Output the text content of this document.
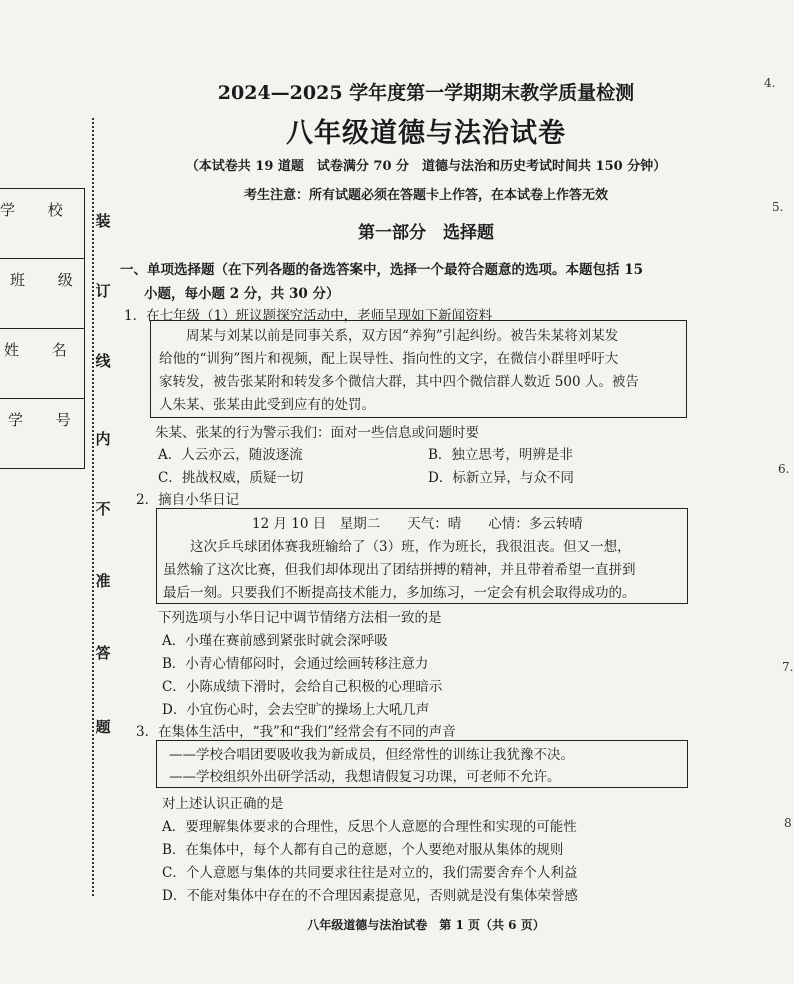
学 校
班 级
姓 名
学 号
装
订
线
内
不
准
答
题
4.
5.
6.
7.
8
2024—2025 学年度第一学期期末教学质量检测
八年级道德与法治试卷
（本试卷共 19 道题　试卷满分 70 分　道德与法治和历史考试时间共 150 分钟）
考生注意：所有试题必须在答题卡上作答，在本试卷上作答无效
第一部分　选择题
一、单项选择题（在下列各题的备选答案中，选择一个最符合题意的选项。本题包括 15
小题，每小题 2 分，共 30 分）
1．在七年级（1）班议题探究活动中，老师呈现如下新闻资料
　　周某与刘某以前是同事关系，双方因“养狗”引起纠纷。被告朱某将刘某发
给他的“训狗”图片和视频，配上误导性、指向性的文字，在微信小群里呼吁大
家转发，被告张某附和转发多个微信大群，其中四个微信群人数近 500 人。被告
人朱某、张某由此受到应有的处罚。
朱某、张某的行为警示我们：面对一些信息或问题时要
A．人云亦云，随波逐流	B．独立思考，明辨是非
C．挑战权威，质疑一切	D．标新立异，与众不同
2．摘自小华日记
12 月 10 日　星期二　　天气：晴　　心情：多云转晴
　　这次乒乓球团体赛我班输给了（3）班，作为班长，我很沮丧。但又一想，
虽然输了这次比赛，但我们却体现出了团结拼搏的精神，并且带着希望一直拼到
最后一刻。只要我们不断提高技术能力，多加练习，一定会有机会取得成功的。
下列选项与小华日记中调节情绪方法相一致的是
A．小瑾在赛前感到紧张时就会深呼吸
B．小青心情郁闷时，会通过绘画转移注意力
C．小陈成绩下滑时，会给自己积极的心理暗示
D．小宜伤心时，会去空旷的操场上大吼几声
3．在集体生活中，“我”和“我们”经常会有不同的声音
——学校合唱团要吸收我为新成员，但经常性的训练让我犹豫不决。
——学校组织外出研学活动，我想请假复习功课，可老师不允许。
对上述认识正确的是
A．要理解集体要求的合理性，反思个人意愿的合理性和实现的可能性
B．在集体中，每个人都有自己的意愿，个人要绝对服从集体的规则
C．个人意愿与集体的共同要求往往是对立的，我们需要舍弃个人利益
D．不能对集体中存在的不合理因素提意见，否则就是没有集体荣誉感
八年级道德与法治试卷　第 1 页（共 6 页）
